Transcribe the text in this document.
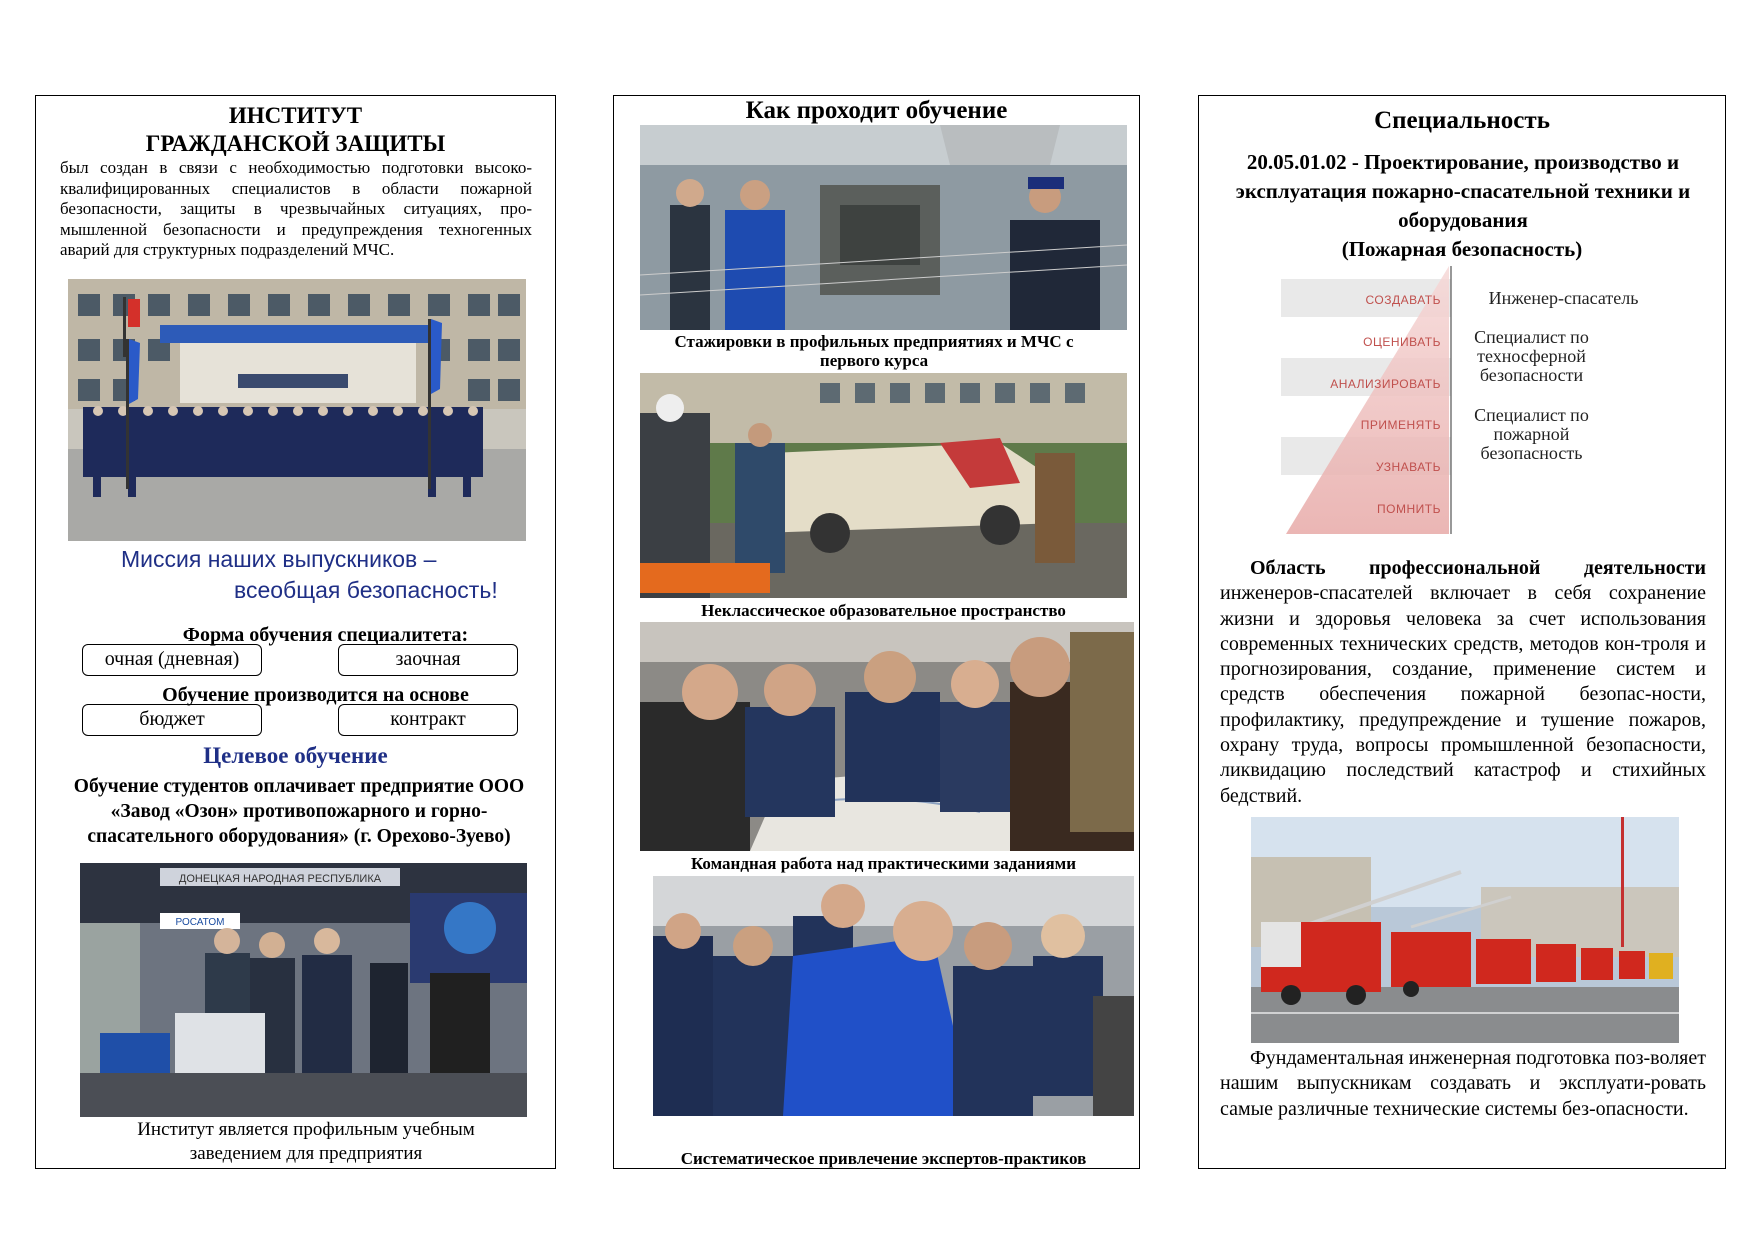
ИНСТИТУТ
ГРАЖДАНСКОЙ ЗАЩИТЫ
был создан в связи с необходимостью подготовки высоко-квалифицированных специалистов в области пожарной безопасности, защиты в чрезвычайных ситуациях, про-мышленной безопасности и предупреждения техногенных аварий для структурных подразделений МЧС.
Миссия наших выпускников –
всеобщая безопасность!
Форма обучения специалитета:
очная (дневная)	заочная
Обучение производится на основе
бюджет	контракт
Целевое обучение
Обучение студентов оплачивает предприятие ООО «Завод «Озон» противопожарного и горно-спасательного оборудования» (г. Орехово-Зуево)
ДОНЕЦКАЯ НАРОДНАЯ РЕСПУБЛИКА
РОСАТОМ
Институт является профильным учебным заведением для предприятия
Как проходит обучение
Стажировки в профильных предприятиях и МЧС с первого курса
Неклассическое образовательное пространство
Командная работа над практическими заданиями
Систематическое привлечение экспертов-практиков
Специальность
20.05.01.02 - Проектирование, производство и эксплуатация пожарно-спасательной техники и оборудования
(Пожарная безопасность)
СОЗДАВАТЬ
ОЦЕНИВАТЬ
АНАЛИЗИРОВАТЬ
ПРИМЕНЯТЬ
УЗНАВАТЬ
ПОМНИТЬ
Инженер-спасатель
Специалист по техносферной безопасности
Специалист по пожарной безопасность
Область профессиональной деятельности инженеров-спасателей включает в себя сохранение жизни и здоровья человека за счет использования современных технических средств, методов кон-троля и прогнозирования, создание, применение систем и средств обеспечения пожарной безопас-ности, профилактику, предупреждение и тушение пожаров, охрану труда, вопросы промышленной безопасности, ликвидацию последствий катастроф и стихийных бедствий.
Фундаментальная инженерная подготовка поз-воляет нашим выпускникам создавать и эксплуати-ровать самые различные технические системы без-опасности.
